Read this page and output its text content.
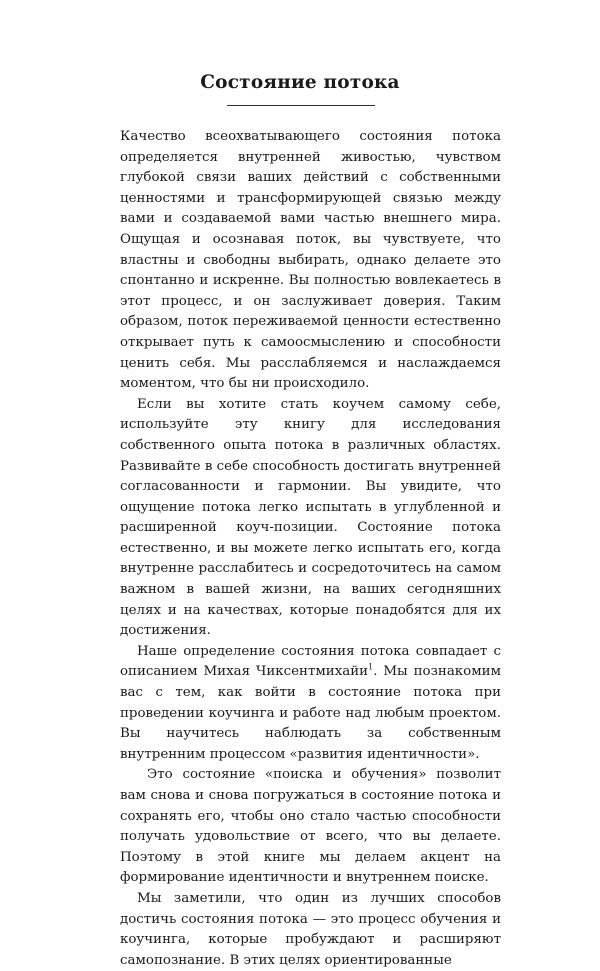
Состояние потока

Качество всеохватывающего состояния потока определяется внутренней живостью, чувством глубокой связи ваших действий с собственными ценностями и трансформирующей связью между вами и создаваемой вами частью внешнего мира. Ощущая и осознавая поток, вы чувствуете, что властны и свободны выбирать, однако делаете это спонтанно и искренне. Вы полностью вовлекаетесь в этот процесс, и он заслуживает доверия. Таким образом, поток переживаемой ценности естественно открывает путь к самоосмыслению и способности ценить себя. Мы расслабляемся и наслаждаемся моментом, что бы ни происходило.

Если вы хотите стать коучем самому себе, используйте эту книгу для исследования собственного опыта потока в различных областях. Развивайте в себе способность достигать внутренней согласованности и гармонии. Вы увидите, что ощущение потока легко испытать в углубленной и расширенной коуч-позиции. Состояние потока естественно, и вы можете легко испытать его, когда внутренне расслабитесь и сосредоточитесь на самом важном в вашей жизни, на ваших сегодняшних целях и на качествах, которые понадобятся для их достижения.

Наше определение состояния потока совпадает с описанием Михая Чиксентмихайи$^1$. Мы познакомим вас с тем, как войти в состояние потока при проведении коучинга и работе над любым проектом. Вы научитесь наблюдать за собственным внутренним процессом «развития идентичности».

Это состояние «поиска и обучения» позволит вам снова и снова погружаться в состояние потока и сохранять его, чтобы оно стало частью способности получать удовольствие от всего, что вы делаете. Поэтому в этой книге мы делаем акцент на формирование идентичности и внутреннем поиске.

Мы заметили, что один из лучших способов достичь состояния потока — это процесс обучения и коучинга, которые пробуждают и расширяют самопознание. В этих целях ориентированные
